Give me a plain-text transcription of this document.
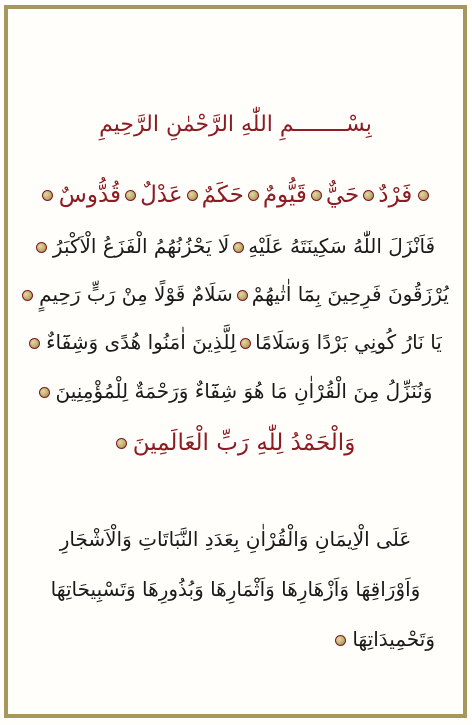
بِسْــــــــمِ اللّٰهِ الرَّحْمٰنِ الرَّحِيمِ
فَرْدٌحَيٌّقَيُّومٌحَكَمٌعَدْلٌقُدُّوسٌ
فَاَنْزَلَ اللّٰهُ سَكِينَتَهُ عَلَيْهِلَا يَحْزُنُهُمُ الْفَزَعُ الْاَكْبَرُ
يُرْزَقُونَ فَرِحِينَ بِمَٓا اٰتٰيهُمْسَلَامٌ قَوْلًا مِنْ رَبٍّ رَحِيمٍ
يَا نَارُ كُونِي بَرْدًا وَسَلَامًالِلَّذِينَ اٰمَنُوا هُدًى وَشِفَٓاءٌ
وَنُنَزِّلُ مِنَ الْقُرْاٰنِ مَا هُوَ شِفَٓاءٌ وَرَحْمَةٌ لِلْمُؤْمِنِينَ
وَالْحَمْدُ لِلّٰهِ رَبِّ الْعَالَمِينَ
عَلَى الْاِيمَانِ وَالْقُرْاٰنِ بِعَدَدِ النَّبَاتَاتِ وَالْاَشْجَارِ
وَاَوْرَاقِهَا وَاَزْهَارِهَا وَاَثْمَارِهَا وَبُذُورِهَا وَتَسْبِيحَاتِهَا
وَتَحْمِيدَاتِهَا
